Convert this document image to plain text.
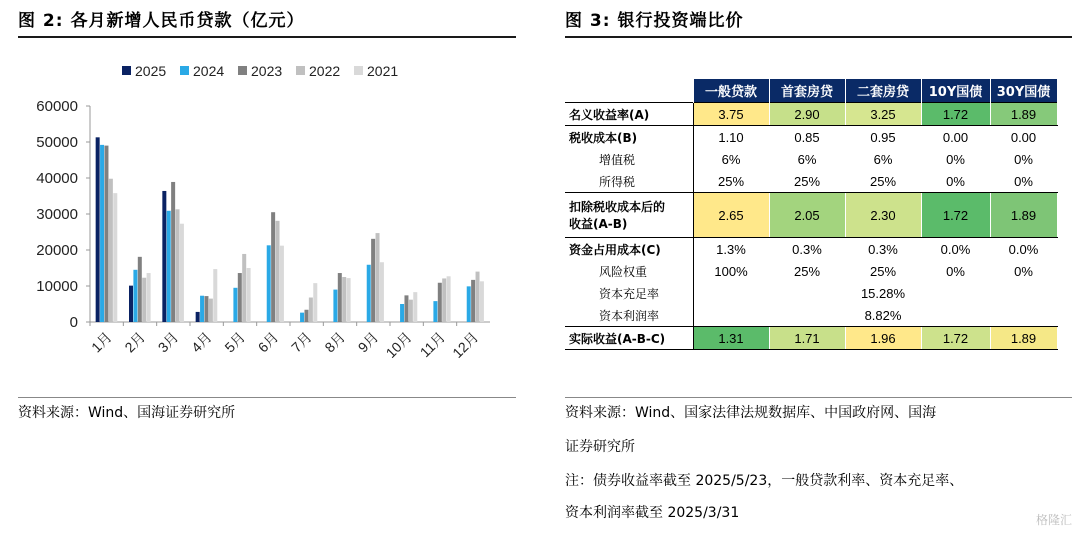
图 2: 各月新增人民币贷款（亿元）
2025 2024 2023 2022 2021
0
10000
20000
30000
40000
50000
60000
1月 2月 3月 4月 5月 6月 7月 8月 9月 10月 11月 12月
资料来源：Wind、国海证券研究所
图 3: 银行投资端比价
	一般贷款	首套房贷	二套房贷	10Y国债	30Y国债
名义收益率(A)	3.75	2.90	3.25	1.72	1.89
税收成本(B)	1.10	0.85	0.95	0.00	0.00
增值税	6%	6%	6%	0%	0%
所得税	25%	25%	25%	0%	0%

扣除税收成本后的
收益(A-B)	2.65	2.05	2.30	1.72	1.89
资金占用成本(C)	1.3%	0.3%	0.3%	0.0%	0.0%
风险权重	100%	25%	25%	0%	0%
资本充足率			15.28%		
资本利润率			8.82%		
实际收益(A-B-C)	1.31	1.71	1.96	1.72	1.89
资料来源：Wind、国家法律法规数据库、中国政府网、国海
证券研究所
注：债券收益率截至 2025/5/23，一般贷款利率、资本充足率、
资本利润率截至 2025/3/31	格隆汇
